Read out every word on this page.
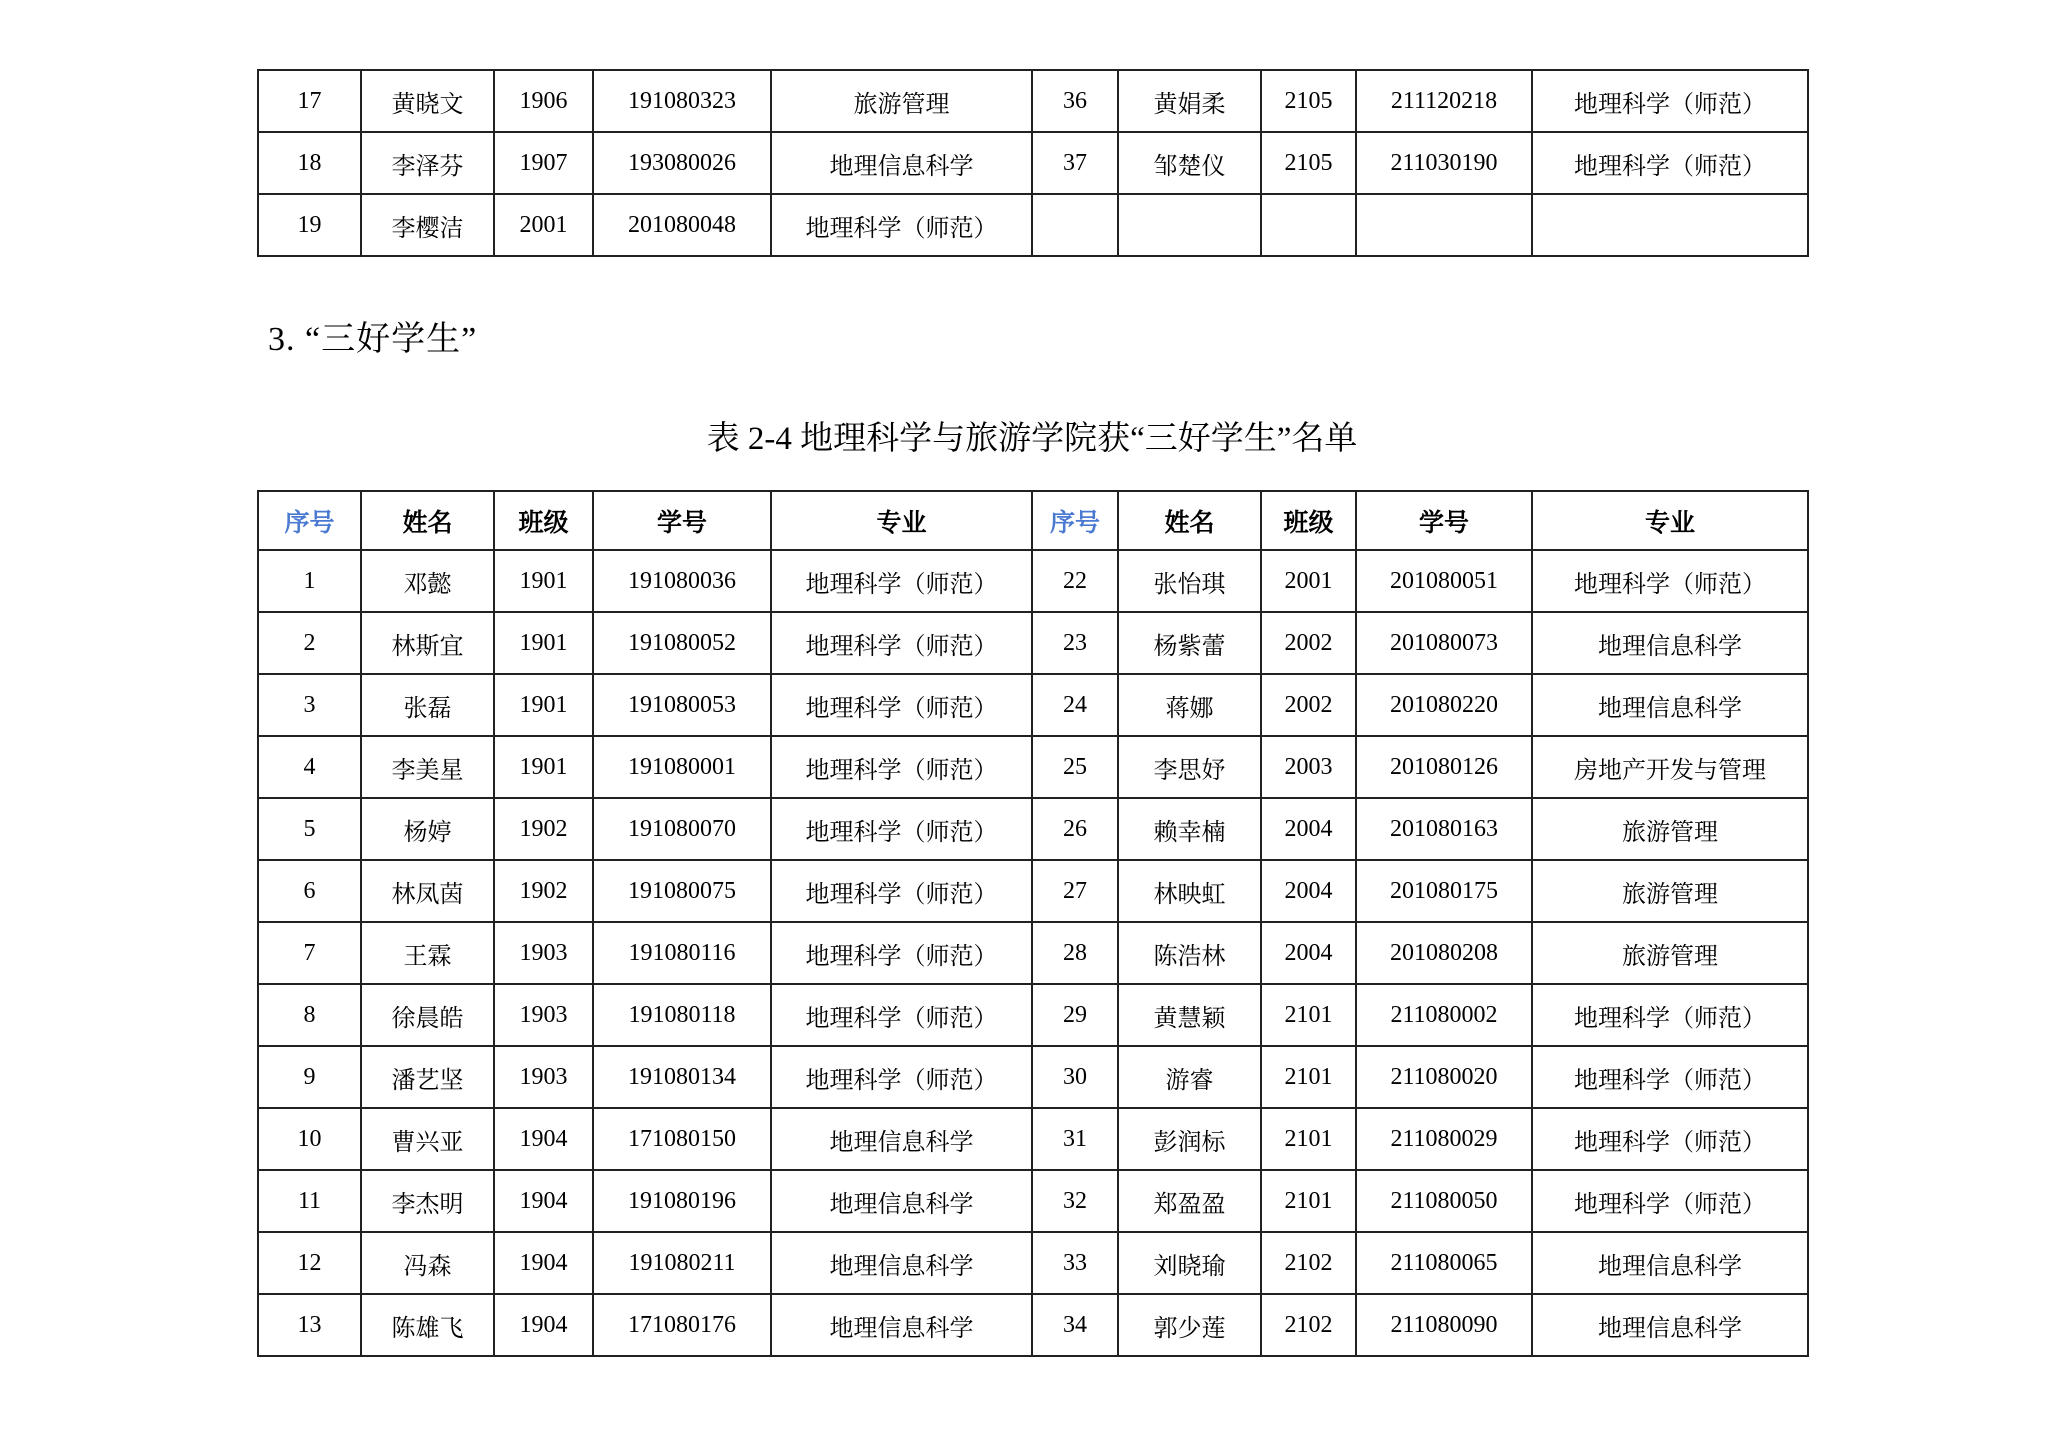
17	黄晓文	1906	191080323	旅游管理	36	黄娟柔	2105	211120218	地理科学（师范）
18	李泽芬	1907	193080026	地理信息科学	37	邹楚仪	2105	211030190	地理科学（师范）
19	李樱洁	2001	201080048	地理科学（师范）					
3. “三好学生”
表 2-4 地理科学与旅游学院获“三好学生”名单
序号	姓名	班级	学号	专业	序号	姓名	班级	学号	专业
1	邓懿	1901	191080036	地理科学（师范）	22	张怡琪	2001	201080051	地理科学（师范）
2	林斯宜	1901	191080052	地理科学（师范）	23	杨紫蕾	2002	201080073	地理信息科学
3	张磊	1901	191080053	地理科学（师范）	24	蒋娜	2002	201080220	地理信息科学
4	李美星	1901	191080001	地理科学（师范）	25	李思妤	2003	201080126	房地产开发与管理
5	杨婷	1902	191080070	地理科学（师范）	26	赖幸楠	2004	201080163	旅游管理
6	林凤茵	1902	191080075	地理科学（师范）	27	林映虹	2004	201080175	旅游管理
7	王霖	1903	191080116	地理科学（师范）	28	陈浩林	2004	201080208	旅游管理
8	徐晨皓	1903	191080118	地理科学（师范）	29	黄慧颖	2101	211080002	地理科学（师范）
9	潘艺坚	1903	191080134	地理科学（师范）	30	游睿	2101	211080020	地理科学（师范）
10	曹兴亚	1904	171080150	地理信息科学	31	彭润标	2101	211080029	地理科学（师范）
11	李杰明	1904	191080196	地理信息科学	32	郑盈盈	2101	211080050	地理科学（师范）
12	冯森	1904	191080211	地理信息科学	33	刘晓瑜	2102	211080065	地理信息科学
13	陈雄飞	1904	171080176	地理信息科学	34	郭少莲	2102	211080090	地理信息科学
